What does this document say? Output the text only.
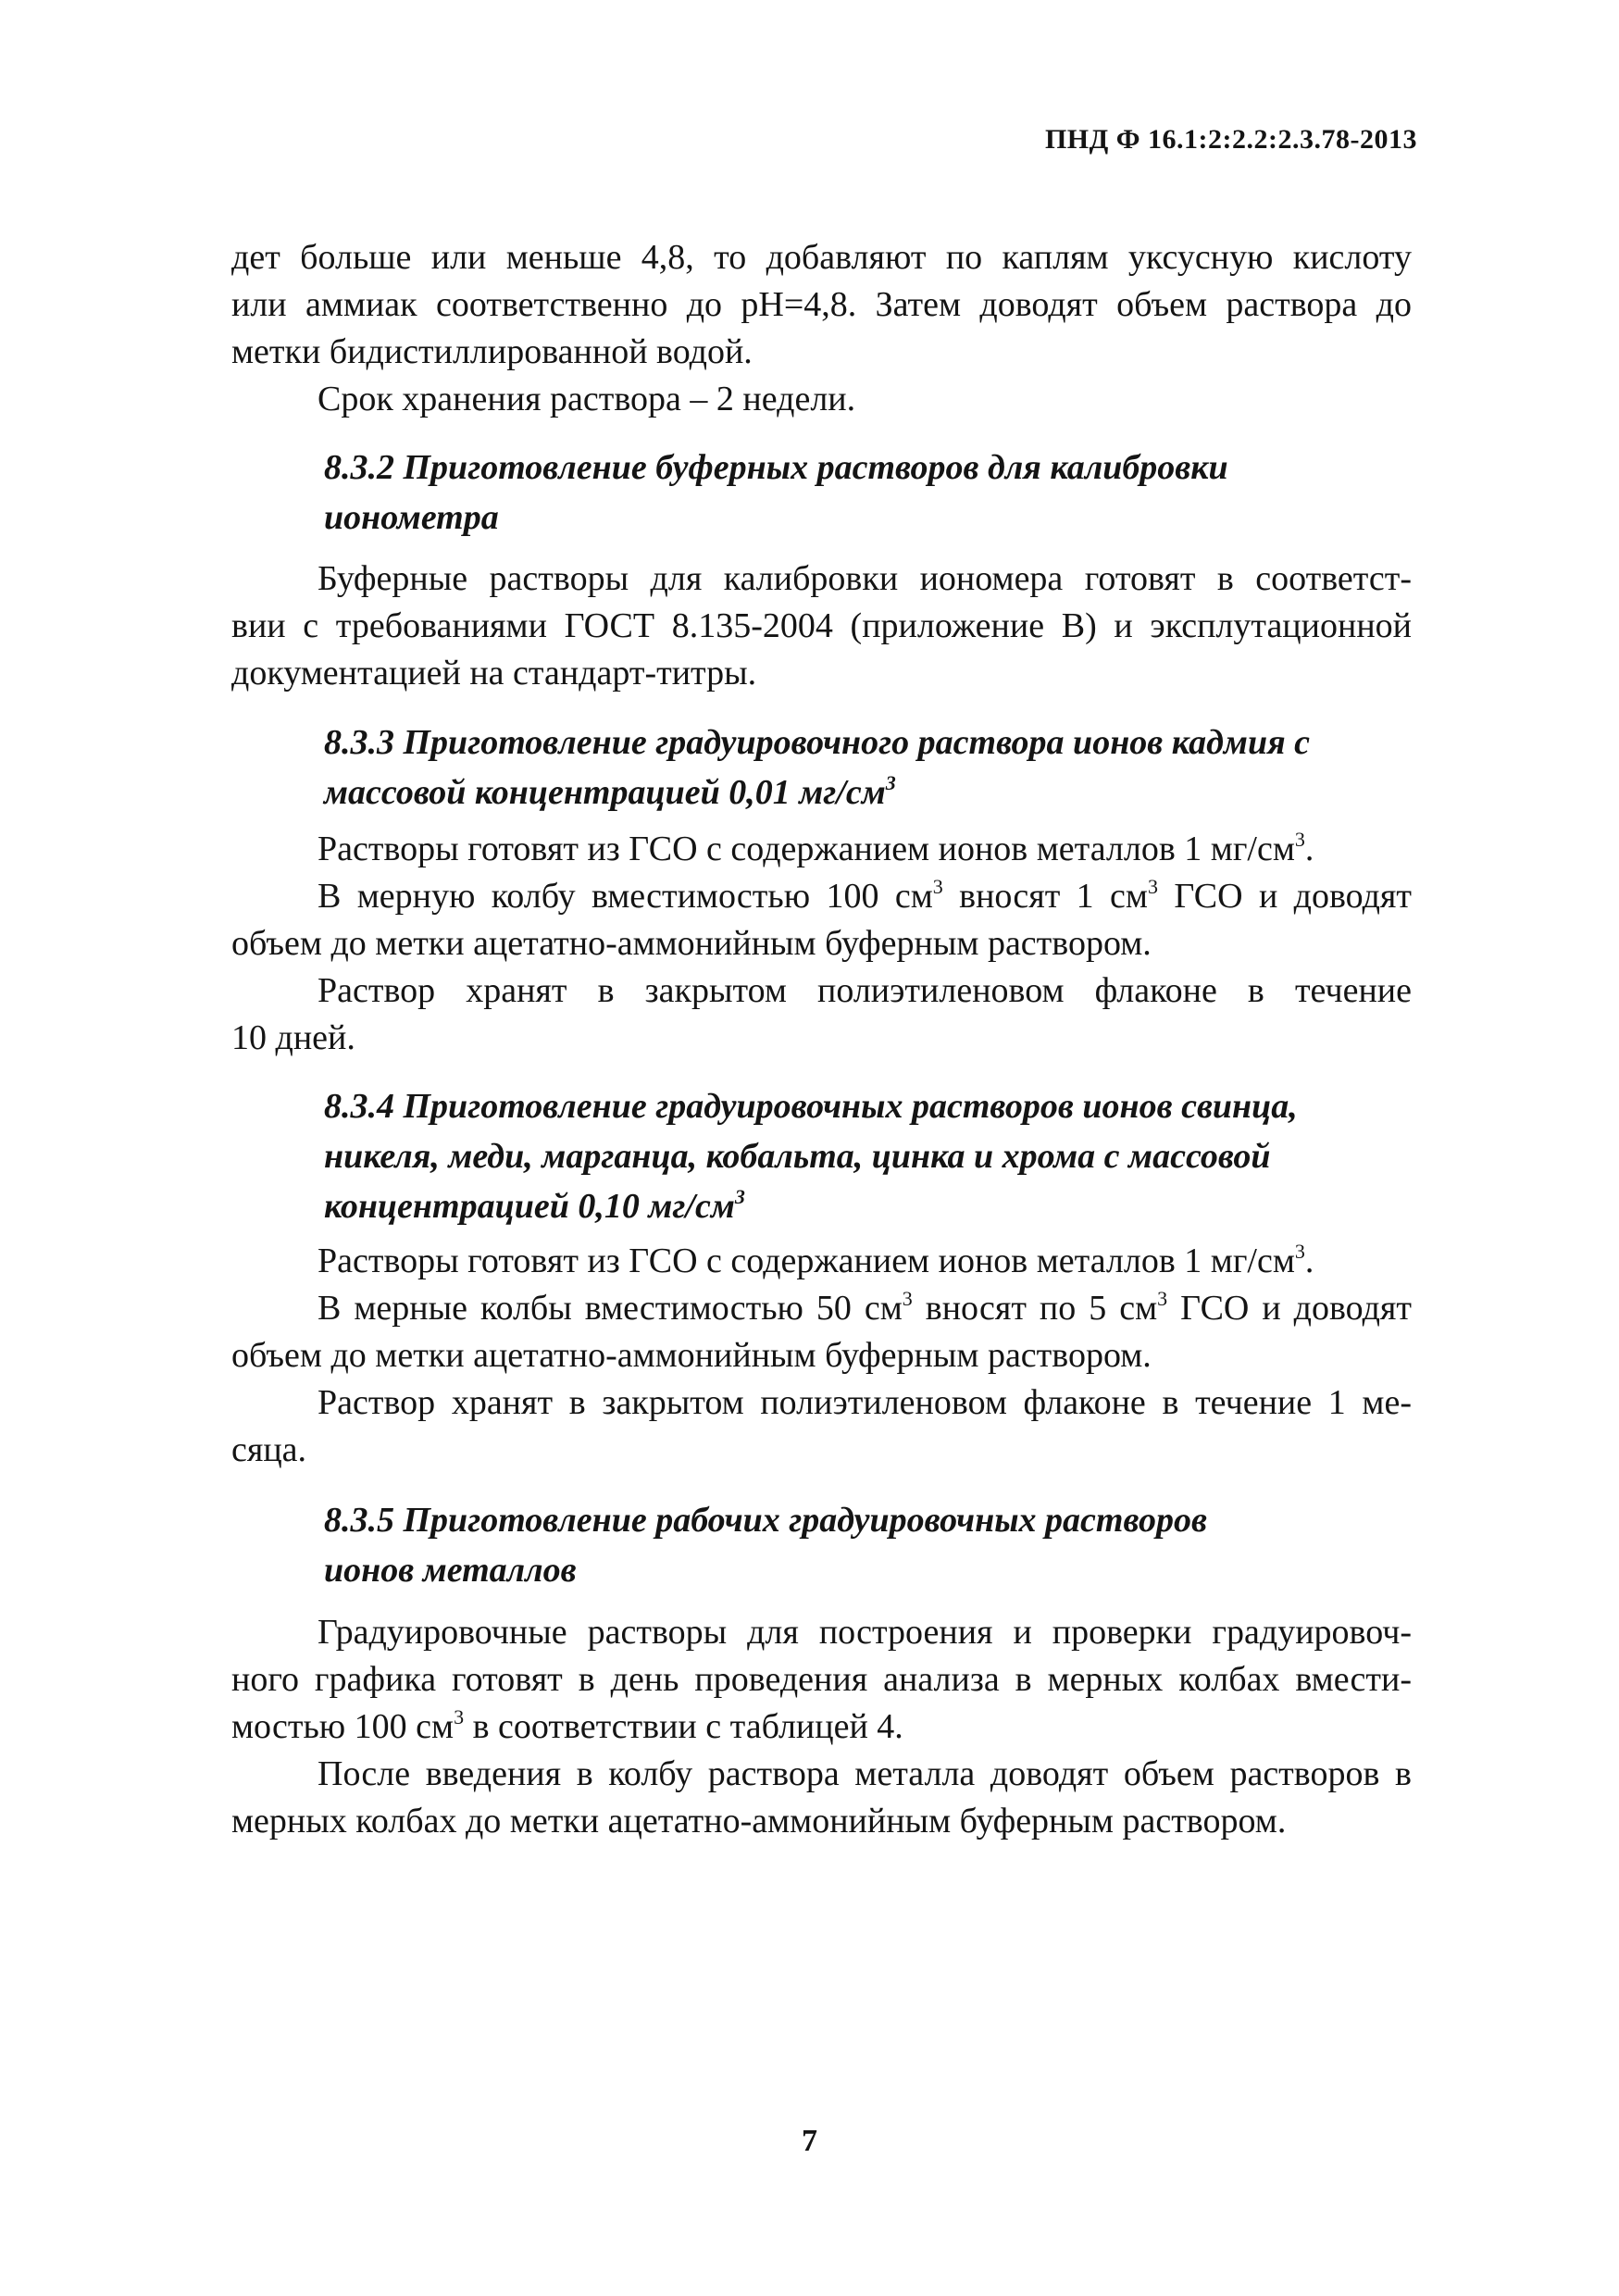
ПНД Ф 16.1:2:2.2:2.3.78-2013
дет больше или меньше 4,8, то добавляют по каплям уксусную кислоту
или аммиак соответственно до рН=4,8. Затем доводят объем раствора до
метки бидистиллированной водой.
Срок хранения раствора – 2 недели.
8.3.2 Приготовление буферных растворов для калибровки
ионометра
Буферные растворы для калибровки иономера готовят в соответст-
вии с требованиями ГОСТ 8.135-2004 (приложение В) и эксплутационной
документацией на стандарт-титры.
8.3.3 Приготовление градуировочного раствора ионов кадмия с
массовой концентрацией 0,01 $мг/см^3$
Растворы готовят из ГСО с содержанием ионов металлов 1 $мг/см^3$.
В мерную колбу вместимостью 100 $см^3$ вносят 1 $см^3$ ГСО и доводят
объем до метки ацетатно-аммонийным буферным раствором.
Раствор хранят в закрытом полиэтиленовом флаконе в течение
10 дней.
8.3.4 Приготовление градуировочных растворов ионов свинца,
никеля, меди, марганца, кобальта, цинка и хрома с массовой
концентрацией 0,10 $мг/см^3$
Растворы готовят из ГСО с содержанием ионов металлов 1 $мг/см^3$.
В мерные колбы вместимостью 50 $см^3$ вносят по 5 $см^3$ ГСО и доводят
объем до метки ацетатно-аммонийным буферным раствором.
Раствор хранят в закрытом полиэтиленовом флаконе в течение 1 ме-
сяца.
8.3.5 Приготовление рабочих градуировочных растворов
ионов металлов
Градуировочные растворы для построения и проверки градуировоч-
ного графика готовят в день проведения анализа в мерных колбах вмести-
мостью 100 $см^3$ в соответствии с таблицей 4.
После введения в колбу раствора металла доводят объем растворов в
мерных колбах до метки ацетатно-аммонийным буферным раствором.
7
